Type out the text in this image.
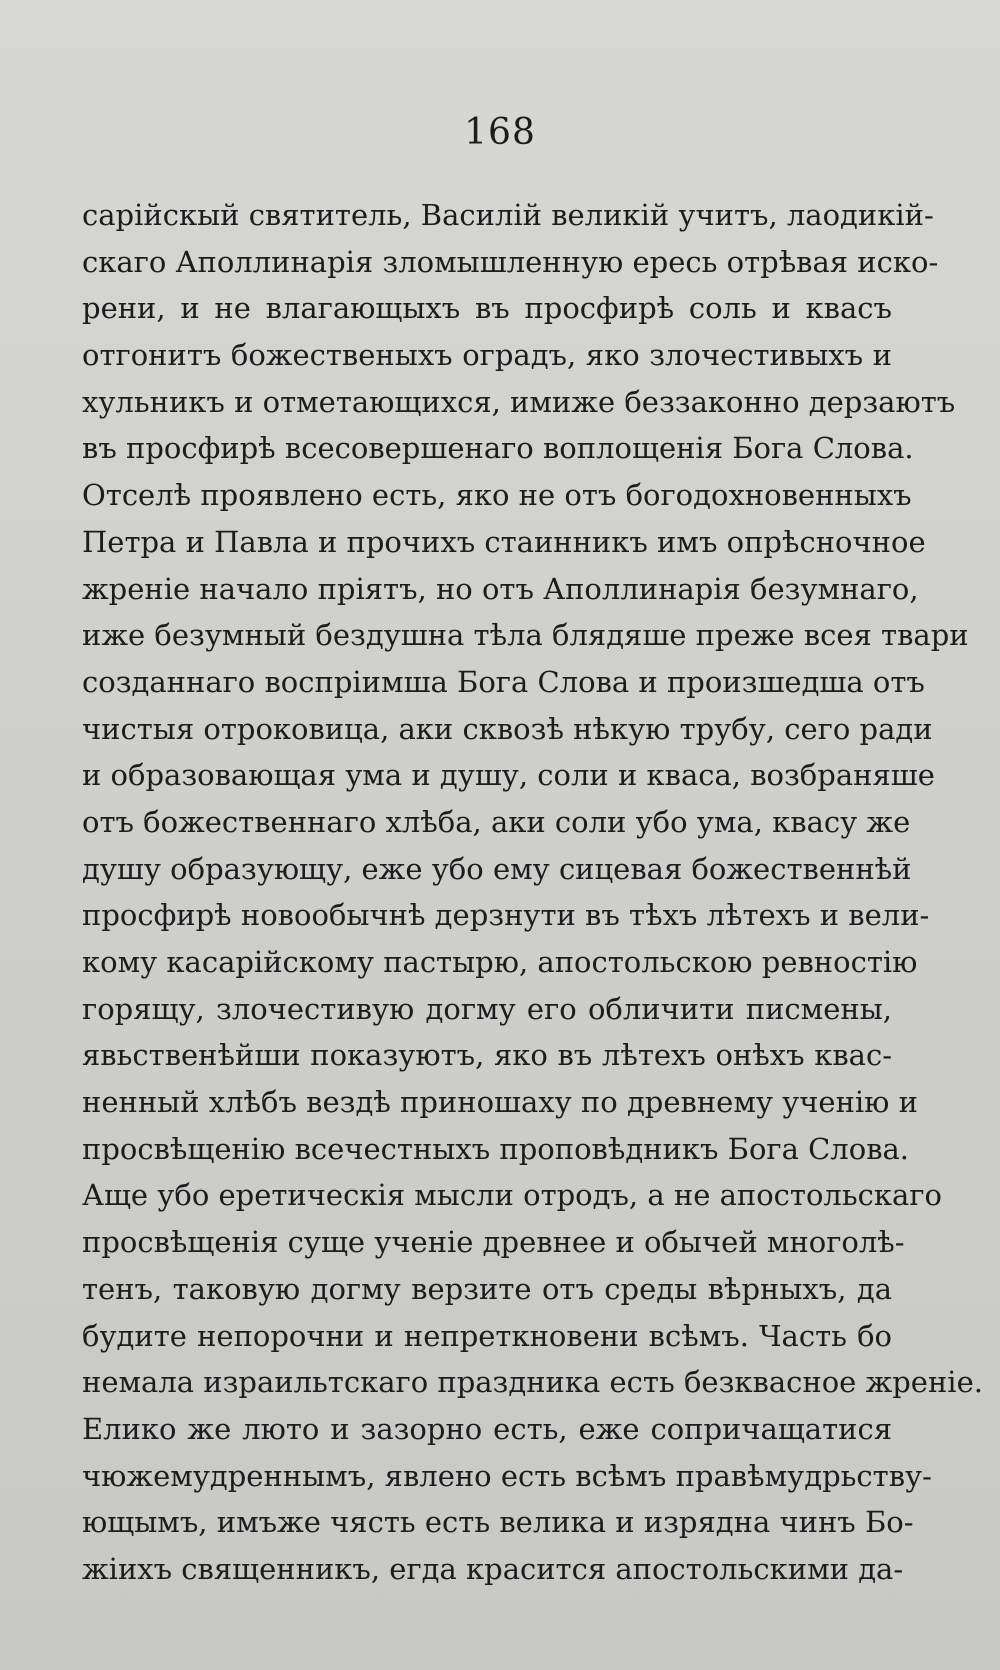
168
сарійскый святитель, Василій великій учитъ, лаодикій-
скаго Аполлинарія зломышленную ересь отрѣвая иско-
рени, и не влагающыхъ въ просфирѣ соль и квасъ
отгонитъ божественыхъ оградъ, яко злочестивыхъ и
хульникъ и отметающихся, имиже беззаконно дерзаютъ
въ просфирѣ всесовершенаго воплощенія Бога Слова.
Отселѣ проявлено есть, яко не отъ богодохновенныхъ
Петра и Павла и прочихъ стаинникъ имъ опрѣсночное
жреніе начало пріятъ, но отъ Аполлинарія безумнаго,
иже безумный бездушна тѣла блядяше преже всея твари
созданнаго воспріимша Бога Слова и произшедша отъ
чистыя отроковица, аки сквозѣ нѣкую трубу, сего ради
и образовающая ума и душу, соли и кваса, возбраняше
отъ божественнаго хлѣба, аки соли убо ума, квасу же
душу образующу, еже убо ему сицевая божественнѣй
просфирѣ новообычнѣ дерзнути въ тѣхъ лѣтехъ и вели-
кому касарійскому пастырю, апостольскою ревностію
горящу, злочестивую догму его обличити писмены,
явьственѣйши показуютъ, яко въ лѣтехъ онѣхъ квас-
ненный хлѣбъ вездѣ приношаху по древнему ученію и
просвѣщенію всечестныхъ проповѣдникъ Бога Слова.
Аще убо еретическія мысли отродъ, а не апостольскаго
просвѣщенія суще ученіе древнее и обычей многолѣ-
тенъ, таковую догму верзите отъ среды вѣрныхъ, да
будите непорочни и непреткновени всѣмъ. Часть бо
немала израильтскаго праздника есть безквасное жреніе.
Елико же люто и зазорно есть, еже сопричащатися
чюжемудреннымъ, явлено есть всѣмъ правѣмудрьству-
ющымъ, имъже чясть есть велика и изрядна чинъ Бо-
жіихъ священникъ, егда красится апостольскими да-
